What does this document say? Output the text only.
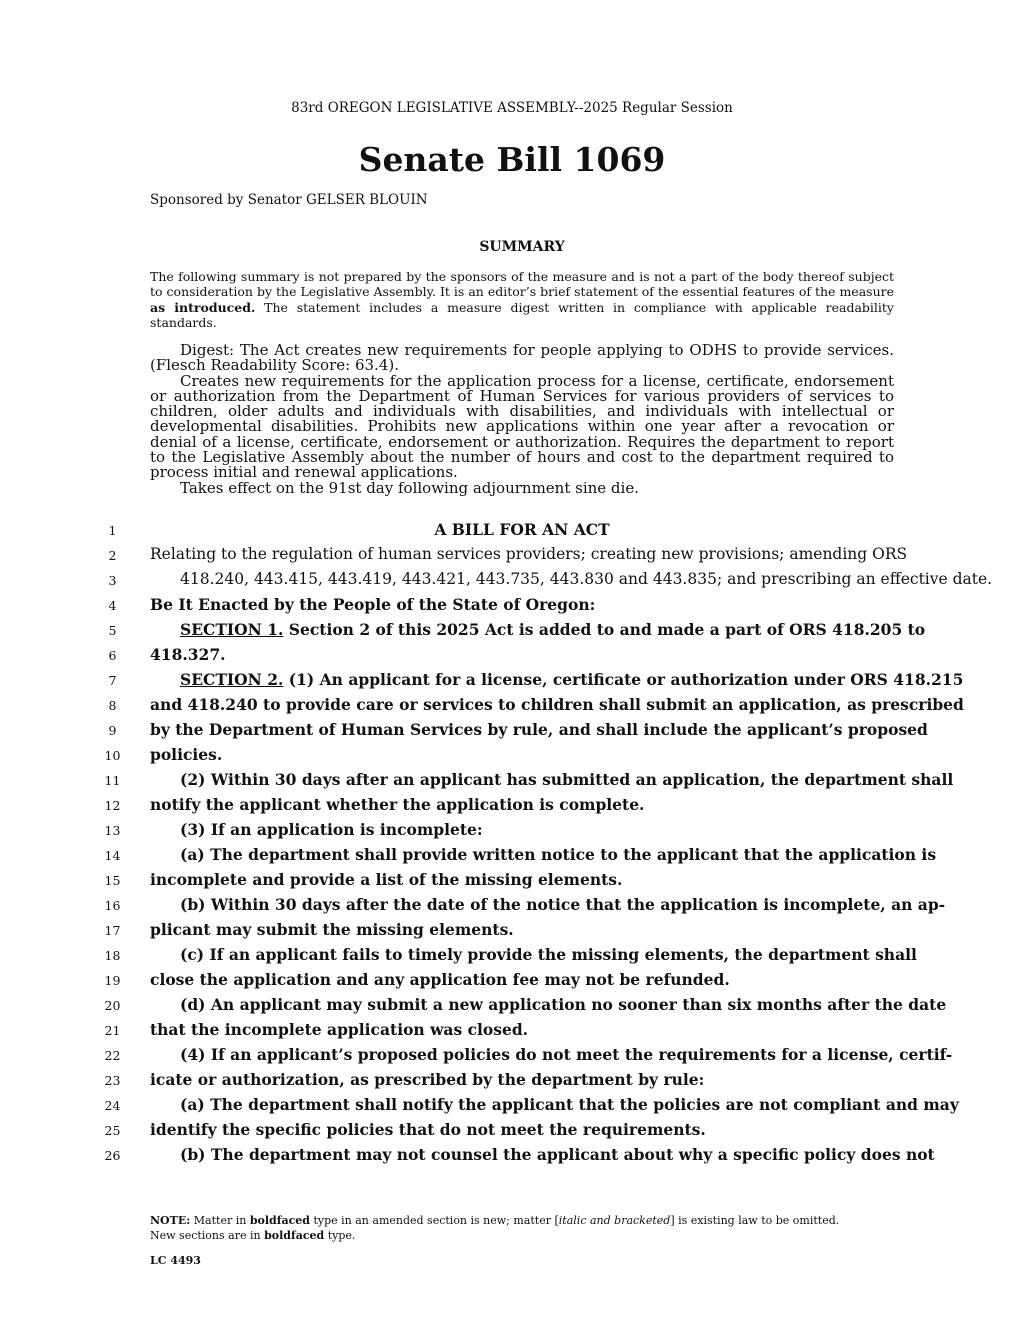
83rd OREGON LEGISLATIVE ASSEMBLY--2025 Regular Session
Senate Bill 1069
Sponsored by Senator GELSER BLOUIN
SUMMARY
The following summary is not prepared by the sponsors of the measure and is not a part of the body thereof subject to consideration by the Legislative Assembly. It is an editor’s brief statement of the essential features of the measure as introduced. The statement includes a measure digest written in compliance with applicable readability standards.

Digest: The Act creates new requirements for people applying to ODHS to provide services. (Flesch Readability Score: 63.4).

Creates new requirements for the application process for a license, certificate, endorsement or authorization from the Department of Human Services for various providers of services to children, older adults and individuals with disabilities, and individuals with intellectual or developmental disabilities. Prohibits new applications within one year after a revocation or denial of a license, certificate, endorsement or authorization. Requires the department to report to the Legislative Assembly about the number of hours and cost to the department required to process initial and renewal applications.

Takes effect on the 91st day following adjournment sine die.

1
2
3
4
5
6
7
8
9
10
11
12
13
14
15
16
17
18
19
20
21
22
23
24
25
26
A BILL FOR AN ACT
Relating to the regulation of human services providers; creating new provisions; amending ORS
418.240, 443.415, 443.419, 443.421, 443.735, 443.830 and 443.835; and prescribing an effective date.
Be It Enacted by the People of the State of Oregon:
SECTION 1. Section 2 of this 2025 Act is added to and made a part of ORS 418.205 to
418.327.
SECTION 2. (1) An applicant for a license, certificate or authorization under ORS 418.215
and 418.240 to provide care or services to children shall submit an application, as prescribed
by the Department of Human Services by rule, and shall include the applicant’s proposed
policies.
(2) Within 30 days after an applicant has submitted an application, the department shall
notify the applicant whether the application is complete.
(3) If an application is incomplete:
(a) The department shall provide written notice to the applicant that the application is
incomplete and provide a list of the missing elements.
(b) Within 30 days after the date of the notice that the application is incomplete, an ap-
plicant may submit the missing elements.
(c) If an applicant fails to timely provide the missing elements, the department shall
close the application and any application fee may not be refunded.
(d) An applicant may submit a new application no sooner than six months after the date
that the incomplete application was closed.
(4) If an applicant’s proposed policies do not meet the requirements for a license, certif-
icate or authorization, as prescribed by the department by rule:
(a) The department shall notify the applicant that the policies are not compliant and may
identify the specific policies that do not meet the requirements.
(b) The department may not counsel the applicant about why a specific policy does not
NOTE: Matter in boldfaced type in an amended section is new; matter [italic and bracketed] is existing law to be omitted.
New sections are in boldfaced type.
LC 4493
